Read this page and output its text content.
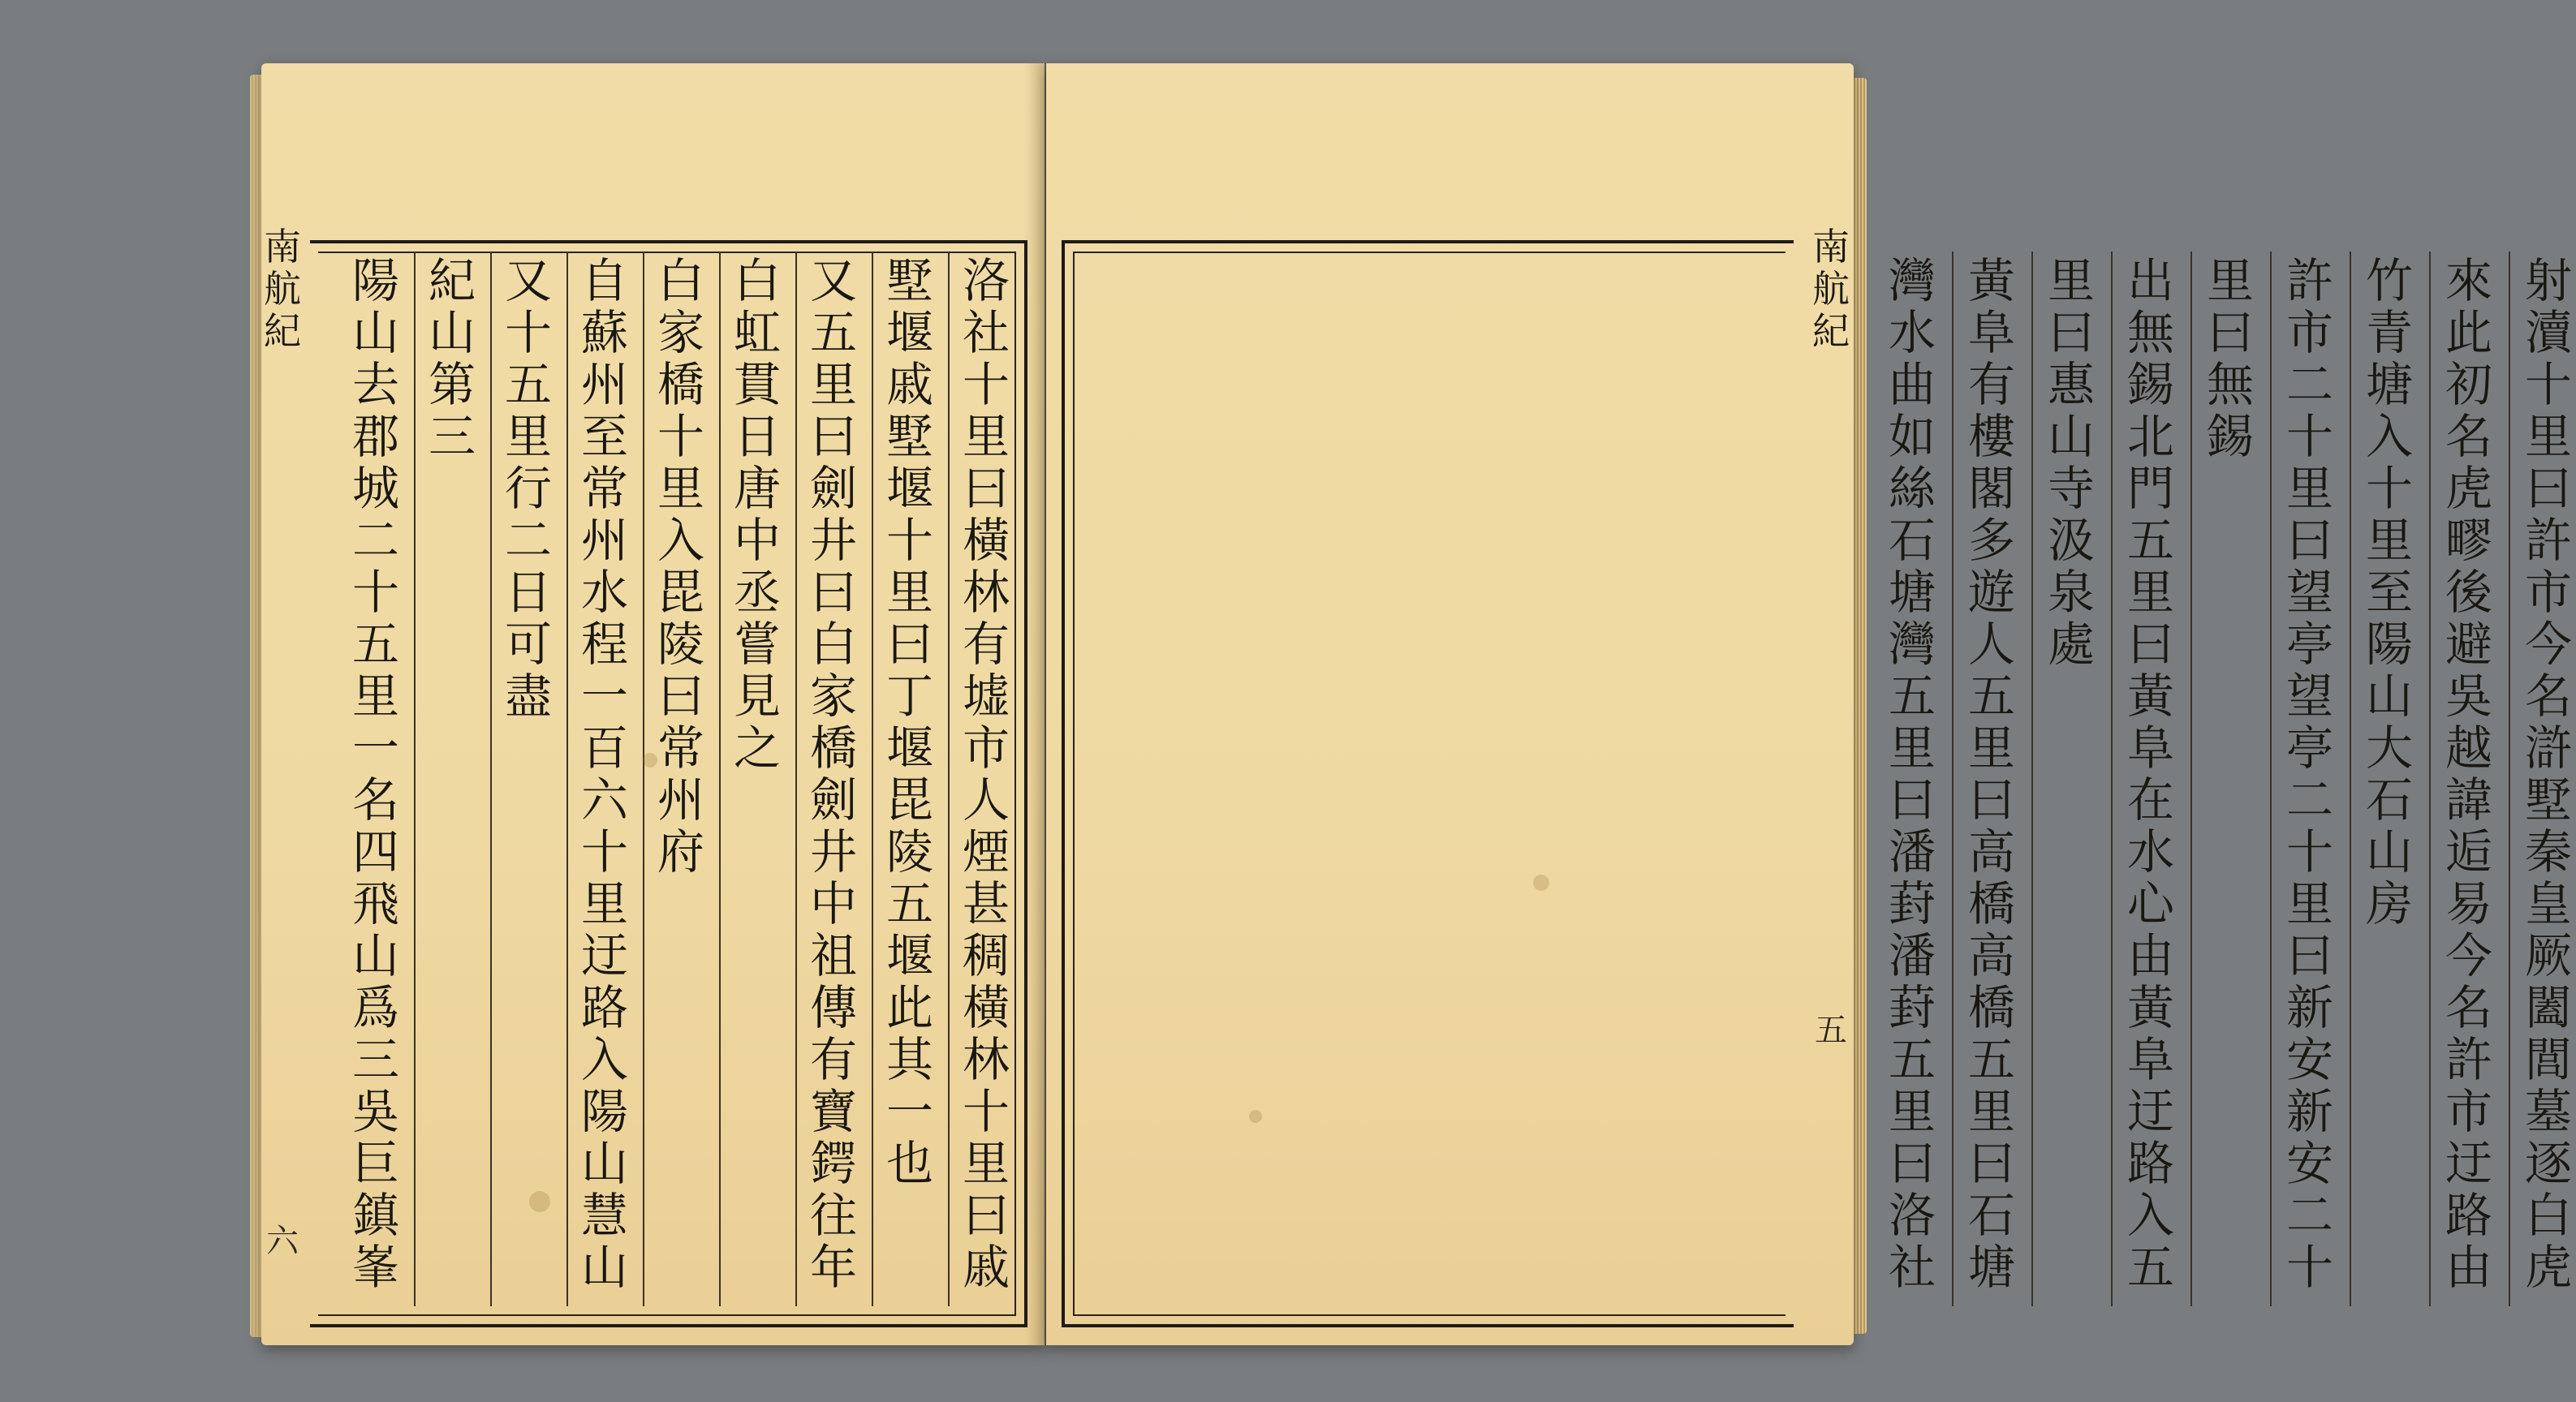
南
航
紀
六
洛
社
十
里
曰
橫
林
有
墟
市
人
煙
甚
稠
橫
林
十
里
曰
戚
墅
堰
戚
墅
堰
十
里
曰
丁
堰
毘
陵
五
堰
此
其
一
也
又
五
里
曰
劍
井
曰
白
家
橋
劍
井
中
祖
傳
有
寶
鍔
往
年
白
虹
貫
日
唐
中
丞
嘗
見
之
白
家
橋
十
里
入
毘
陵
曰
常
州
府
自
蘇
州
至
常
州
水
程
一
百
六
十
里
迂
路
入
陽
山
慧
山
又
十
五
里
行
二
日
可
盡
紀
山
第
三
陽
山
去
郡
城
二
十
五
里
一
名
四
飛
山
爲
三
吳
巨
鎮
峯
南
航
紀
五
射
瀆
十
里
曰
許
市
今
名
滸
墅
秦
皇
厥
闔
閭
墓
逐
白
虎
來
此
初
名
虎
疁
後
避
吳
越
諱
逅
易
今
名
許
市
迂
路
由
竹
青
塘
入
十
里
至
陽
山
大
石
山
房
許
市
二
十
里
曰
望
亭
望
亭
二
十
里
曰
新
安
新
安
二
十
里
曰
無
錫
出
無
錫
北
門
五
里
曰
黃
阜
在
水
心
由
黃
阜
迂
路
入
五
里
曰
惠
山
寺
汲
泉
處
黃
阜
有
樓
閣
多
遊
人
五
里
曰
高
橋
高
橋
五
里
曰
石
塘
灣
水
曲
如
絲
石
塘
灣
五
里
曰
潘
葑
潘
葑
五
里
曰
洛
社
